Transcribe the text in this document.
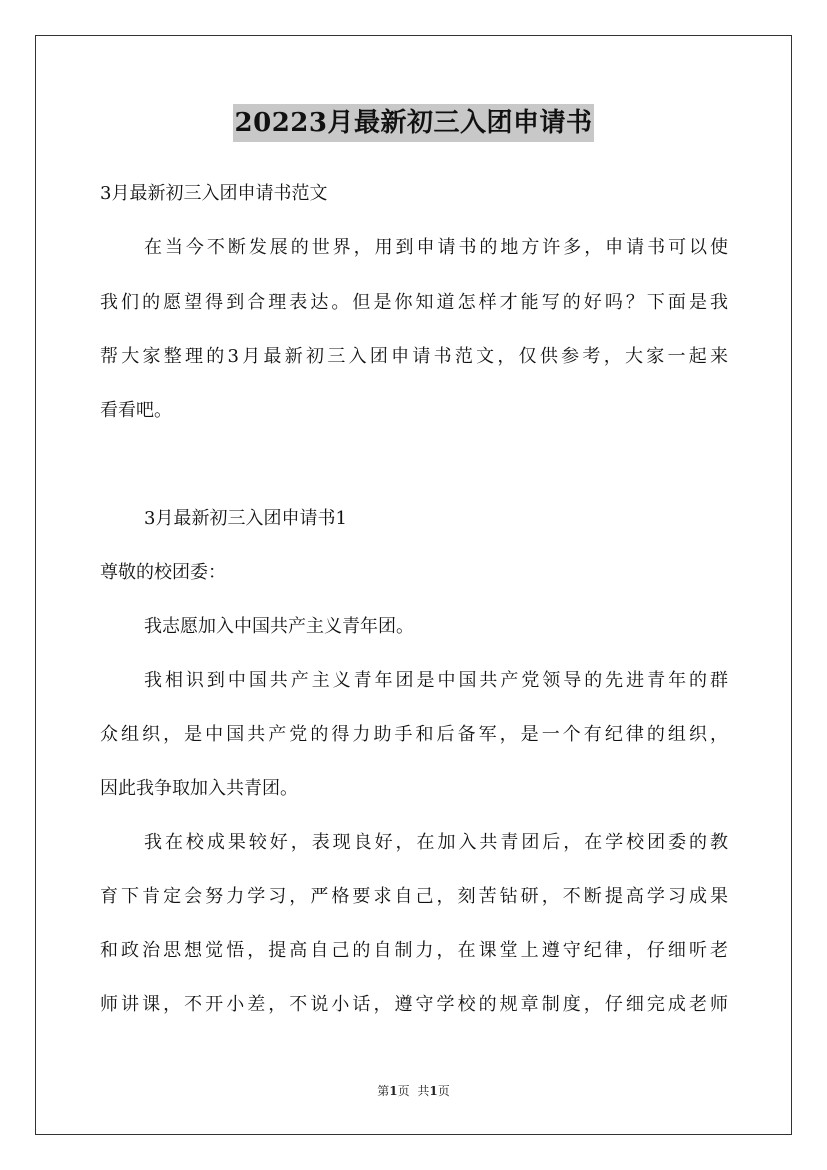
20223月最新初三入团申请书
3月最新初三入团申请书范文
在当今不断发展的世界，用到申请书的地方许多，申请书可以使
我们的愿望得到合理表达。但是你知道怎样才能写的好吗？下面是我
帮大家整理的3月最新初三入团申请书范文，仅供参考，大家一起来
看看吧。
3月最新初三入团申请书1
尊敬的校团委：
我志愿加入中国共产主义青年团。
我相识到中国共产主义青年团是中国共产党领导的先进青年的群
众组织，是中国共产党的得力助手和后备军，是一个有纪律的组织，
因此我争取加入共青团。
我在校成果较好，表现良好，在加入共青团后，在学校团委的教
育下肯定会努力学习，严格要求自己，刻苦钻研，不断提高学习成果
和政治思想觉悟，提高自己的自制力，在课堂上遵守纪律，仔细听老
师讲课，不开小差，不说小话，遵守学校的规章制度，仔细完成老师
第1页 共1页
